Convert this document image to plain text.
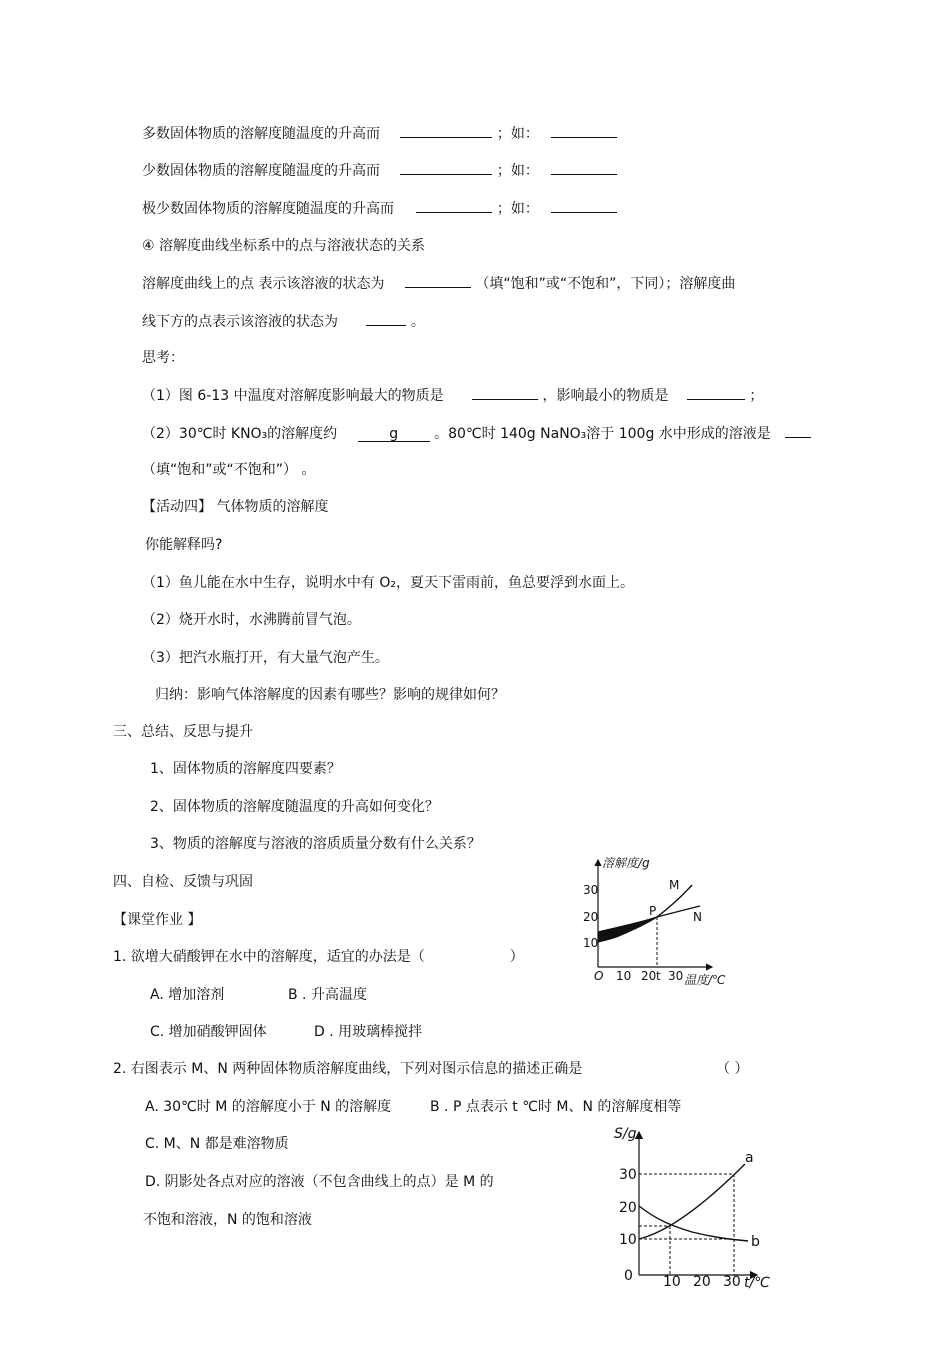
多数固体物质的溶解度随温度的升高而	；如：
少数固体物质的溶解度随温度的升高而	；如：
极少数固体物质的溶解度随温度的升高而	；如：
④ 溶解度曲线坐标系中的点与溶液状态的关系
溶解度曲线上的点 表示该溶液的状态为	（填“饱和”或“不饱和”，下同）；溶解度曲
线下方的点表示该溶液的状态为	。
思考：
（1）图 6-13 中温度对溶解度影响最大的物质是	，影响最小的物质是	；
（2）30℃时 KNO₃的溶解度约	g	。80℃时 140g NaNO₃溶于 100g 水中形成的溶液是
（填“饱和”或“不饱和”） 。
【活动四】 气体物质的溶解度
你能解释吗?
（1）鱼儿能在水中生存，说明水中有 O₂，夏天下雷雨前，鱼总要浮到水面上。
（2）烧开水时，水沸腾前冒气泡。
（3）把汽水瓶打开，有大量气泡产生。
归纳：影响气体溶解度的因素有哪些？影响的规律如何？
三、总结、反思与提升
1、固体物质的溶解度四要素？
2、固体物质的溶解度随温度的升高如何变化？
3、物质的溶解度与溶液的溶质质量分数有什么关系？
四、自检、反馈与巩固
【课堂作业 】
1. 欲增大硝酸钾在水中的溶解度，适宜的办法是（	）
A. 增加溶剂	B . 升高温度
C. 增加硝酸钾固体	D . 用玻璃棒搅拌
2. 右图表示 M、N 两种固体物质溶解度曲线，下列对图示信息的描述正确是	（ ）
A. 30℃时 M 的溶解度小于 N 的溶解度	B . P 点表示 t ℃时 M、N 的溶解度相等
C. M、N 都是难溶物质
D. 阴影处各点对应的溶液（不包含曲线上的点）是 M 的
不饱和溶液，N 的饱和溶液
溶解度/g
温度/℃
O
10
20
30
10 20 t 30
M
N
P
S/g
t/℃
0
10
20
30
10 20 30
a
b
